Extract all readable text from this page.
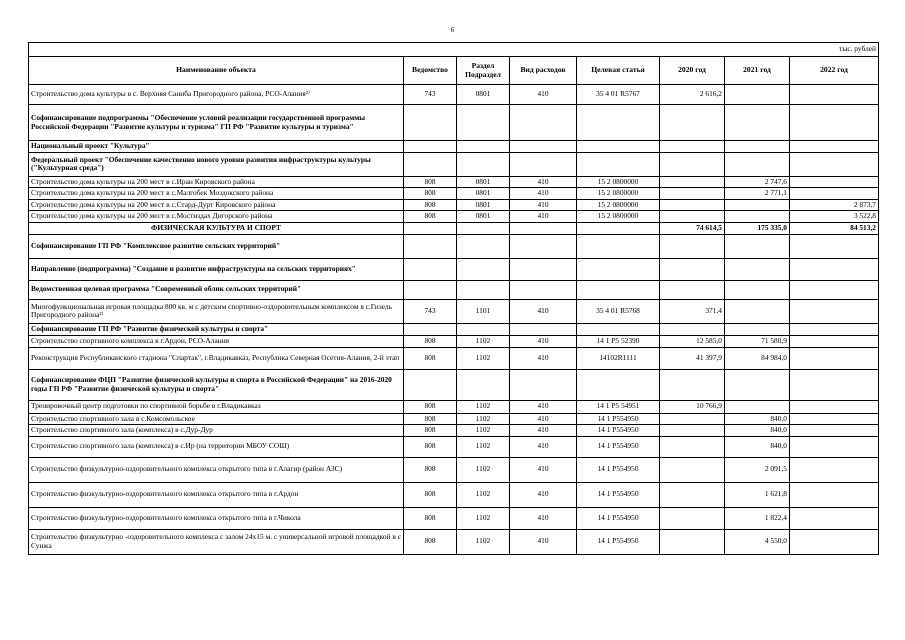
6
тыс. рублей							
Наименование объекта	Ведомство	Раздел Подраздел	Вид расходов	Целевая статья	2020 год	2021 год	2022 год
Строительство дома культуры в с. Верхняя Саниба Пригородного района, РСО-Алания²⁾	743	0801	410	35 4 01 R5767	2 616,2		
Софинансирование подпрограммы "Обеспечение условий реализации государственной программы Российской Федерации "Развитие культуры и туризма" ГП РФ "Развитие культуры и туризма"							
Национальный проект "Культура"							
Федеральный проект "Обеспечение качественно нового уровня развития инфраструктуры культуры ("Культурная среда")							
Строительство дома культуры на 200 мест в с.Иран Кировского района	808	0801	410	15 2 0800000		2 747,6	
Строительство дома культуры на 200 мест в с.Малгобек Моздокского района	808	0801	410	15 2 0800000		2 771,1	
Строительство дома культуры на 200 мест в с.Стард-Дурт Кировского района	808	0801	410	15 2 0800000			2 873,7
Строительство дома культуры на 200 мест в с.Мостиздах Дигорского района	808	0801	410	15 2 0800000			3 522,8
ФИЗИЧЕСКАЯ КУЛЬТУРА И СПОРТ					74 614,5	175 335,0	84 513,2
Софинансирование ГП РФ "Комплексное развитие сельских территорий"							
Направление (подпрограмма) "Создание и развитие инфраструктуры на сельских территориях"							
Ведомственная целевая программа "Современный облик сельских территорий"							
Многофункциональная игровая площадка 800 кв. м с детским спортивно-оздоровительным комплексом в с.Гизель Пригородного района²⁾	743	1101	410	35 4 01 R5768	371,4		
Софинансирование ГП РФ "Развитие физической культуры и спорта"							
Строительство спортивного комплекса в г.Ардон, РСО-Алания	808	1102	410	14 1 P5 52390	12 585,0	71 580,9	
Реконструкция Республиканского стадиона "Спартак", г.Владикавказ, Республика Северная Осетия-Алания, 2-й этап	808	1102	410	14102R1111	41 397,9	84 984,0	
Софинансирование ФЦП "Развитие физической культуры и спорта в Российской Федерации" на 2016-2020 годы ГП РФ "Развитие физической культуры и спорта"							
Тренировочный центр подготовки по спортивной борьбе в г.Владикавказ	808	1102	410	14 1 P5 54951	10 766,9		
Строительство спортивного зала в с.Комсомольское	808	1102	410	14 1 P554950		840,0	
Строительство спортивного зала (комплекса) в с.Дур-Дур	808	1102	410	14 1 P554950		840,0	
Строительство спортивного зала (комплекса) в с.Ир (на территории МБОУ СОШ)	808	1102	410	14 1 P554950		840,0	
Строительство физкультурно-оздоровительного комплекса открытого типа в г.Алагир (район АЗС)	808	1102	410	14 1 P554950		2 091,5	
Строительство физкультурно-оздоровительного комплекса открытого типа в г.Ардон	808	1102	410	14 1 P554950		1 621,8	
Строительство физкультурно-оздоровительного комплекса открытого типа в г.Чикола	808	1102	410	14 1 P554950		1 822,4	
Строительство физкультурно -оздоровительного комплекса с залом 24х15 м. с универсальной игровой площадкой в с Сунжа	808	1102	410	14 1 P554950		4 550,0	
